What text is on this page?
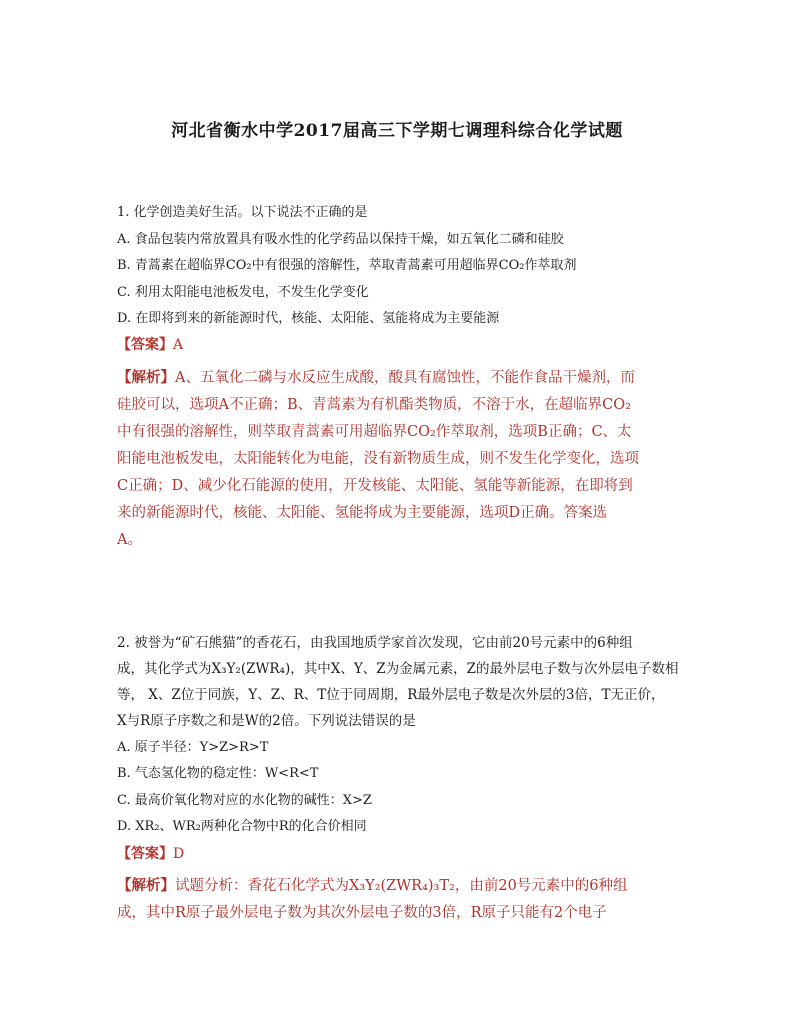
河北省衡水中学2017届高三下学期七调理科综合化学试题
1. 化学创造美好生活。以下说法不正确的是
A. 食品包装内常放置具有吸水性的化学药品以保持干燥，如五氧化二磷和硅胶
B. 青蒿素在超临界CO₂中有很强的溶解性，萃取青蒿素可用超临界CO₂作萃取剂
C. 利用太阳能电池板发电，不发生化学变化
D. 在即将到来的新能源时代，核能、太阳能、氢能将成为主要能源
【答案】A

【解析】A、五氧化二磷与水反应生成酸，酸具有腐蚀性，不能作食品干燥剂，而

硅胶可以，选项A不正确；B、青蒿素为有机酯类物质，不溶于水，在超临界CO₂

中有很强的溶解性，则萃取青蒿素可用超临界CO₂作萃取剂，选项B正确；C、太

阳能电池板发电，太阳能转化为电能，没有新物质生成，则不发生化学变化，选项

C正确；D、减少化石能源的使用，开发核能、太阳能、氢能等新能源，在即将到

来的新能源时代，核能、太阳能、氢能将成为主要能源，选项D正确。答案选

A。

2. 被誉为“矿石熊猫”的香花石，由我国地质学家首次发现，它由前20号元素中的6种组
成，其化学式为X₃Y₂(ZWR₄)，其中X、Y、Z为金属元素，Z的最外层电子数与次外层电子数相
等， X、Z位于同族，Y、Z、R、T位于同周期，R最外层电子数是次外层的3倍，T无正价，
X与R原子序数之和是W的2倍。下列说法错误的是
A. 原子半径：Y>Z>R>T
B. 气态氢化物的稳定性：W<R<T
C. 最高价氧化物对应的水化物的碱性：X>Z
D. XR₂、WR₂两种化合物中R的化合价相同
【答案】D

【解析】试题分析：香花石化学式为X₃Y₂(ZWR₄)₃T₂，由前20号元素中的6种组

成，其中R原子最外层电子数为其次外层电子数的3倍，R原子只能有2个电子
